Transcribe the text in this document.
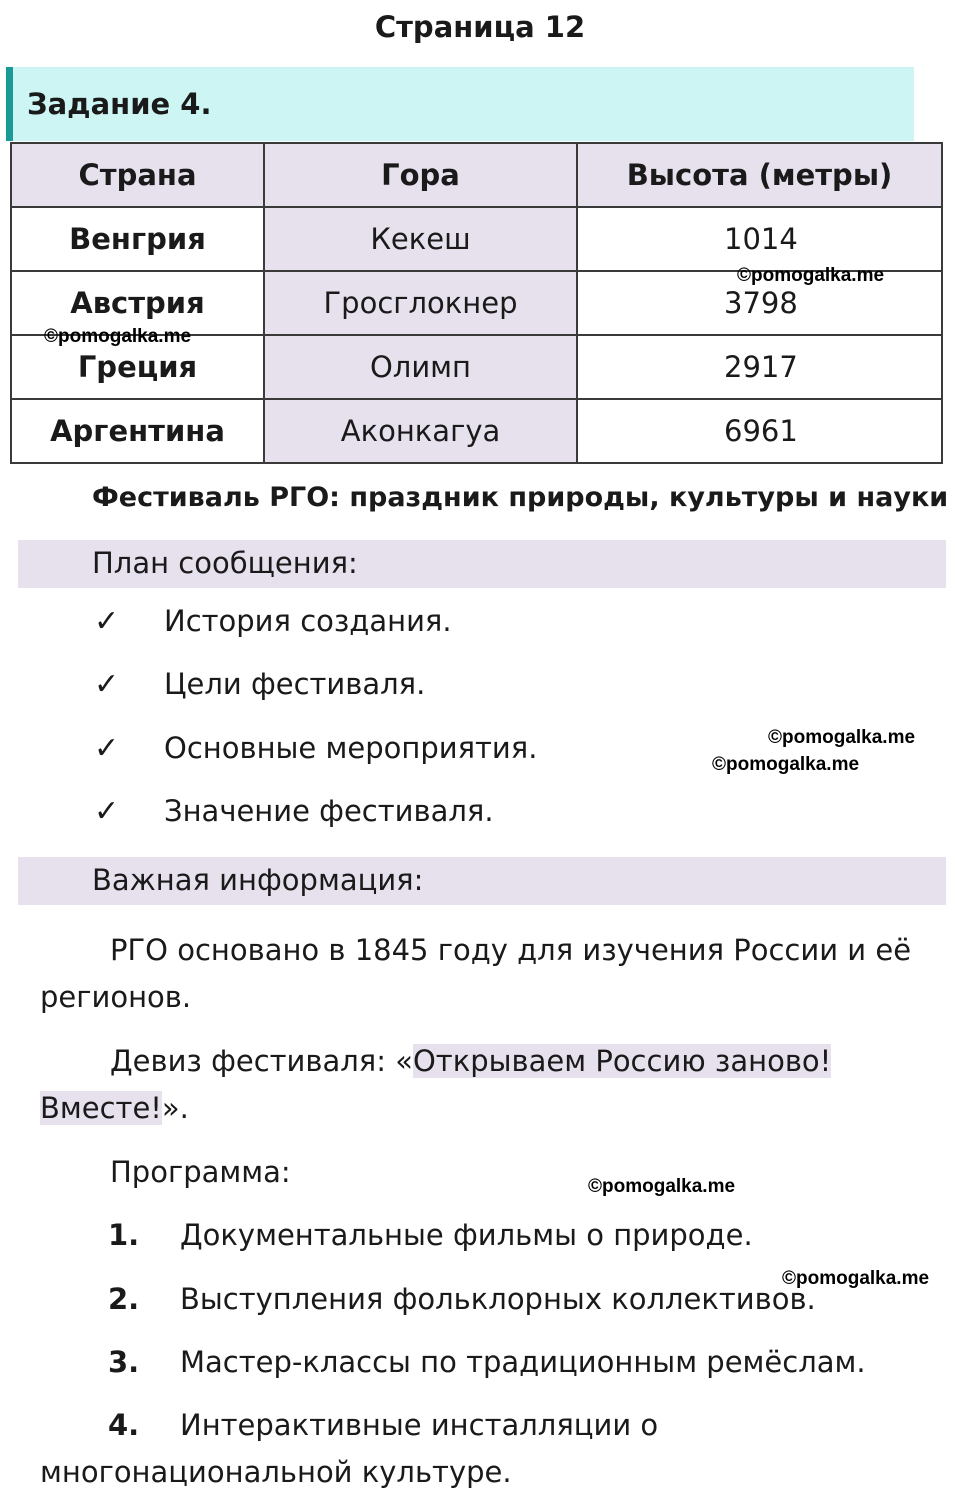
Страница 12
Задание 4.
Страна	Гора	Высота (метры)
Венгрия	Кекеш	1014
Австрия	Гросглокнер	3798
Греция	Олимп	2917
Аргентина	Аконкагуа	6961
©pomogalka.me
©pomogalka.me
Фестиваль РГО: праздник природы, культуры и науки
План сообщения:
✓ История создания.
✓ Цели фестиваля.
✓ Основные мероприятия.
✓ Значение фестиваля.
©pomogalka.me
©pomogalka.me
Важная информация:
РГО основано в 1845 году для изучения России и её
регионов.
Девиз фестиваля: «Открываем Россию заново!
Вместе!».
Программа:	©pomogalka.me
1. Документальные фильмы о природе.
©pomogalka.me
2. Выступления фольклорных коллективов.
3. Мастер-классы по традиционным ремёслам.
4. Интерактивные инсталляции о
многонациональной культуре.
